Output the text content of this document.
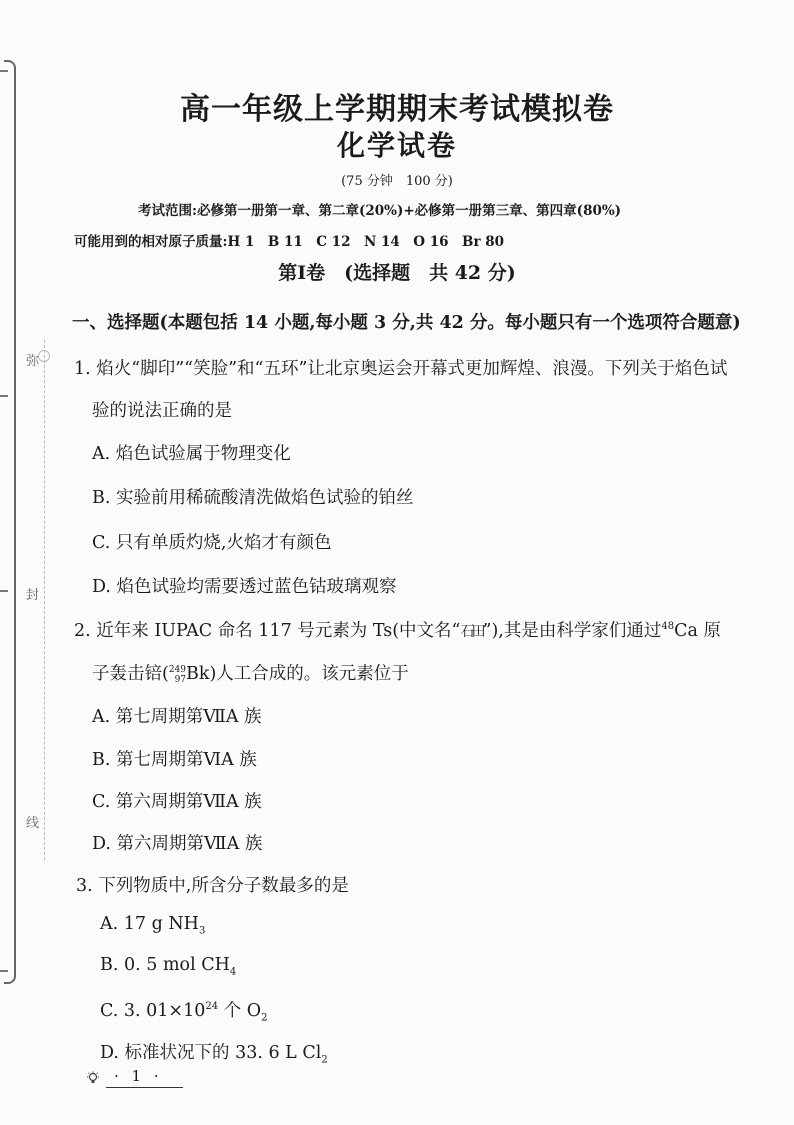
弥
封
线
高一年级上学期期末考试模拟卷
化学试卷
(75 分钟　100 分)
考试范围:必修第一册第一章、第二章(20%)+必修第一册第三章、第四章(80%)
可能用到的相对原子质量:H 1　B 11　C 12　N 14　O 16　Br 80
第Ⅰ卷　(选择题　共 42 分)
一、选择题(本题包括 14 小题,每小题 3 分,共 42 分。每小题只有一个选项符合题意)
1. 焰火“脚印”“笑脸”和“五环”让北京奥运会开幕式更加辉煌、浪漫。下列关于焰色试
验的说法正确的是
A. 焰色试验属于物理变化
B. 实验前用稀硫酸清洗做焰色试验的铂丝
C. 只有单质灼烧,火焰才有颜色
D. 焰色试验均需要透过蓝色钴玻璃观察
2. 近年来 IUPAC 命名 117 号元素为 Ts(中文名“石田”),其是由科学家们通过$^{48}$Ca 原
子轰击锫( 249
97 Bk)人工合成的。该元素位于
A. 第七周期第ⅦA 族
B. 第七周期第ⅥA 族
C. 第六周期第ⅦA 族
D. 第六周期第ⅦA 族
3. 下列物质中,所含分子数最多的是
A. 17 g $NH_3$
B. 0. 5 mol $CH_4$
C. 3. $01\times 10^{24}$ 个 $O_2$
D. 标准状况下的 33. 6 L $Cl_2$
· 1 ·
